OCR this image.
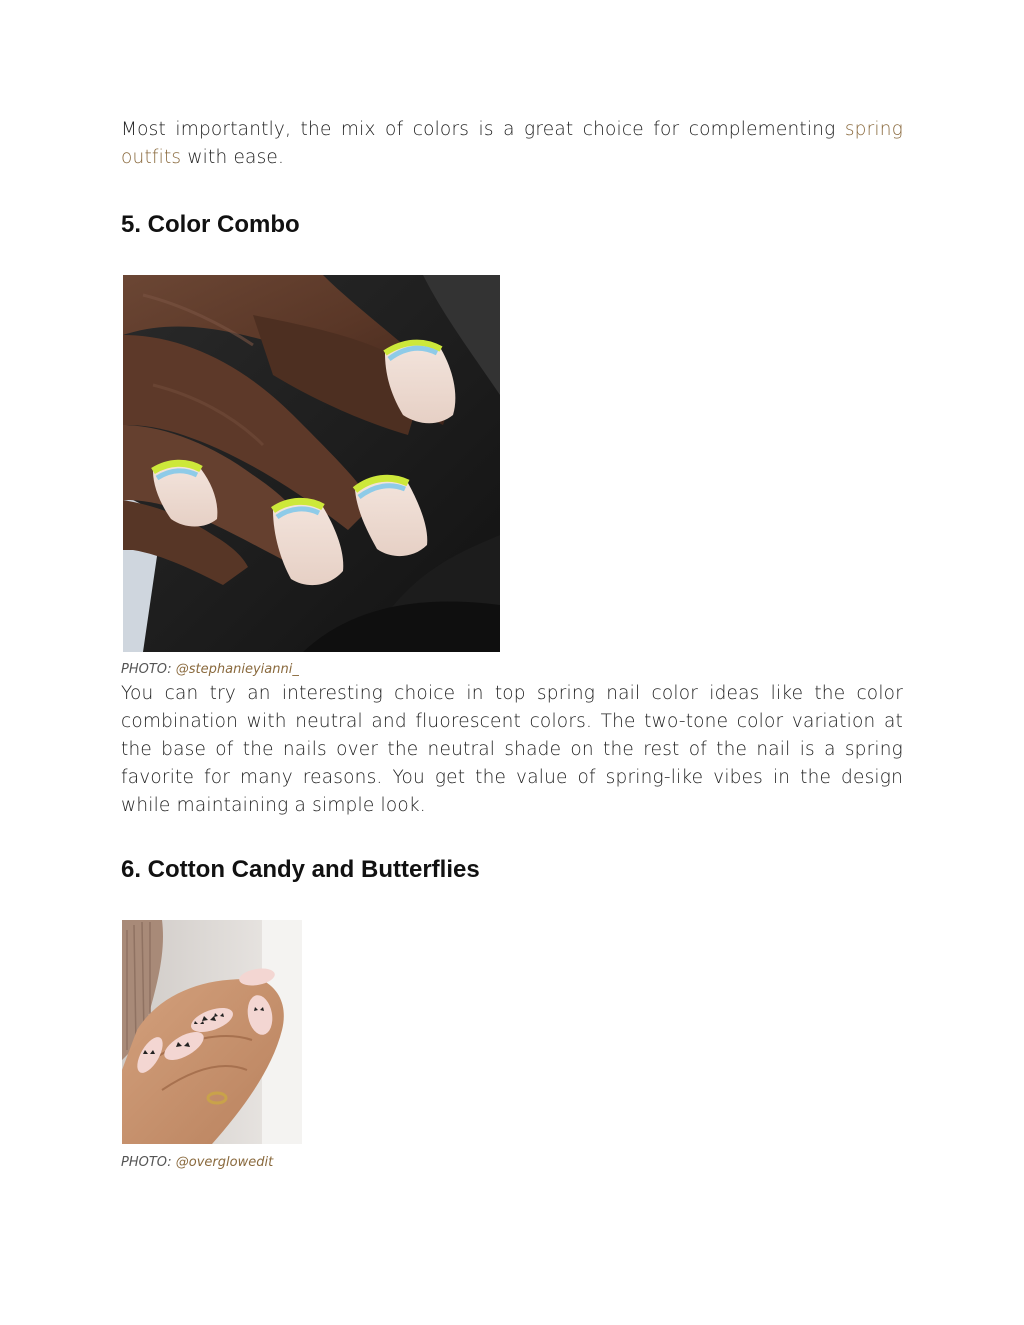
Most importantly, the mix of colors is a great choice for complementing spring outfits with ease.

5. Color Combo

PHOTO: @stephanieyianni_

You can try an interesting choice in top spring nail color ideas like the color combination with neutral and fluorescent colors. The two-tone color variation at the base of the nails over the neutral shade on the rest of the nail is a spring favorite for many reasons. You get the value of spring-like vibes in the design while maintaining a simple look.

6. Cotton Candy and Butterflies

PHOTO: @overglowedit
